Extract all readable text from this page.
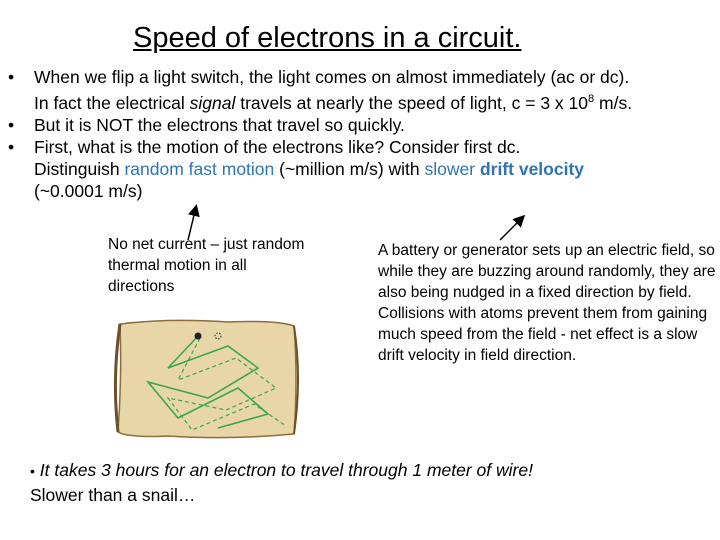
Speed of electrons in a circuit.
• When we flip a light switch, the light comes on almost immediately (ac or dc).
In fact the electrical signal travels at nearly the speed of light, c = 3 x $10^8$ m/s.
• But it is NOT the electrons that travel so quickly.
• First, what is the motion of the electrons like? Consider first dc.
Distinguish random fast motion (~million m/s) with slower drift velocity
(~0.0001 m/s)
No net current – just random thermal motion in all directions
A battery or generator sets up an electric field, so while they are buzzing around randomly, they are also being nudged in a fixed direction by field. Collisions with atoms prevent them from gaining much speed from the field - net effect is a slow drift velocity in field direction.
• It takes 3 hours for an electron to travel through 1 meter of wire!
Slower than a snail…
